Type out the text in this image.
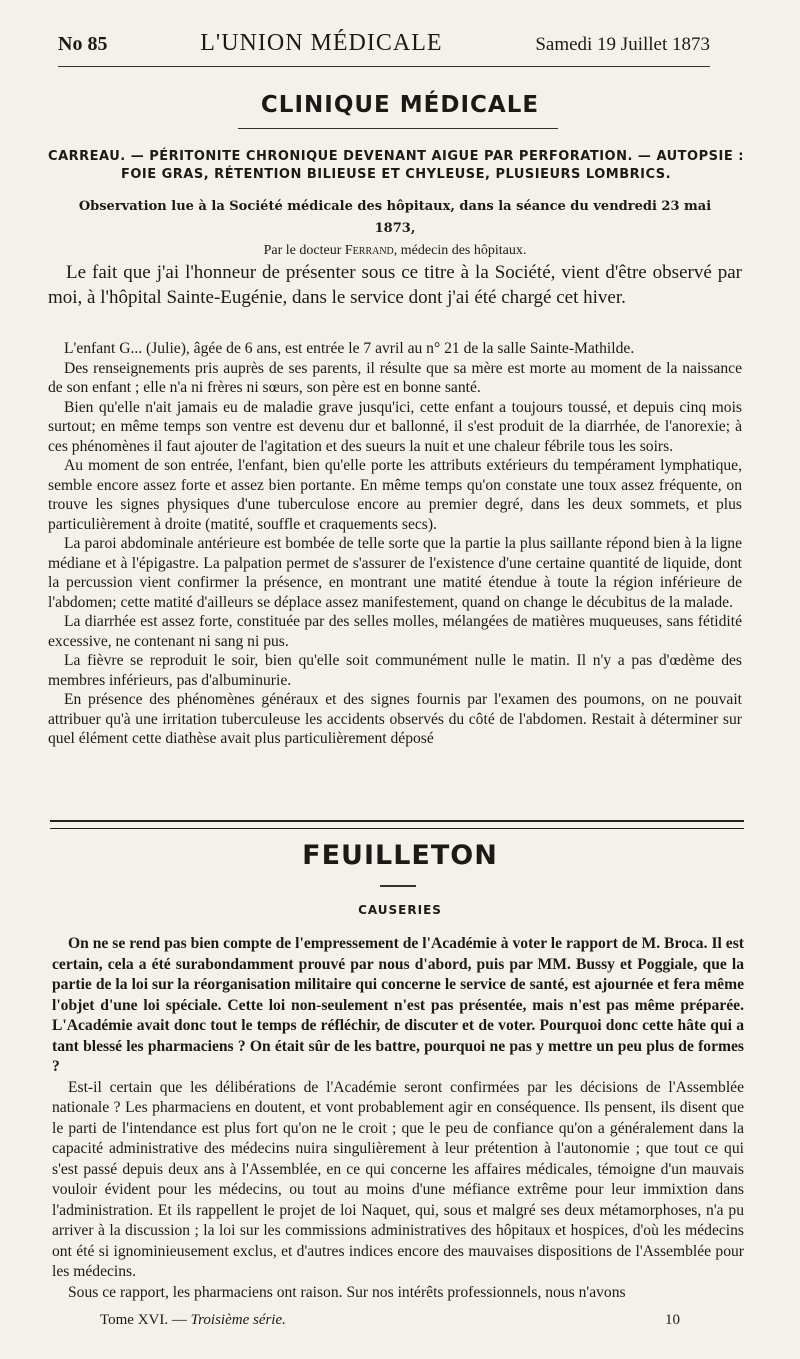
No 85	L'UNION MÉDICALE	Samedi 19 Juillet 1873
CLINIQUE MÉDICALE
CARREAU. — PÉRITONITE CHRONIQUE DEVENANT AIGUE PAR PERFORATION. — AUTOPSIE :
FOIE GRAS, RÉTENTION BILIEUSE ET CHYLEUSE, PLUSIEURS LOMBRICS.
Observation lue à la Société médicale des hôpitaux, dans la séance du vendredi 23 mai 1873,
Par le docteur Ferrand, médecin des hôpitaux.

Le fait que j'ai l'honneur de présenter sous ce titre à la Société, vient d'être observé par moi, à l'hôpital Sainte-Eugénie, dans le service dont j'ai été chargé cet hiver.

L'enfant G... (Julie), âgée de 6 ans, est entrée le 7 avril au n° 21 de la salle Sainte-Mathilde.

Des renseignements pris auprès de ses parents, il résulte que sa mère est morte au moment de la naissance de son enfant ; elle n'a ni frères ni sœurs, son père est en bonne santé.

Bien qu'elle n'ait jamais eu de maladie grave jusqu'ici, cette enfant a toujours toussé, et depuis cinq mois surtout; en même temps son ventre est devenu dur et ballonné, il s'est produit de la diarrhée, de l'anorexie; à ces phénomènes il faut ajouter de l'agitation et des sueurs la nuit et une chaleur fébrile tous les soirs.

Au moment de son entrée, l'enfant, bien qu'elle porte les attributs extérieurs du tempérament lymphatique, semble encore assez forte et assez bien portante. En même temps qu'on constate une toux assez fréquente, on trouve les signes physiques d'une tuberculose encore au premier degré, dans les deux sommets, et plus particulièrement à droite (matité, souffle et craquements secs).

La paroi abdominale antérieure est bombée de telle sorte que la partie la plus saillante répond bien à la ligne médiane et à l'épigastre. La palpation permet de s'assurer de l'existence d'une certaine quantité de liquide, dont la percussion vient confirmer la présence, en montrant une matité étendue à toute la région inférieure de l'abdomen; cette matité d'ailleurs se déplace assez manifestement, quand on change le décubitus de la malade.

La diarrhée est assez forte, constituée par des selles molles, mélangées de matières muqueuses, sans fétidité excessive, ne contenant ni sang ni pus.

La fièvre se reproduit le soir, bien qu'elle soit communément nulle le matin. Il n'y a pas d'œdème des membres inférieurs, pas d'albuminurie.

En présence des phénomènes généraux et des signes fournis par l'examen des poumons, on ne pouvait attribuer qu'à une irritation tuberculeuse les accidents observés du côté de l'abdomen. Restait à déterminer sur quel élément cette diathèse avait plus particulièrement déposé

FEUILLETON
CAUSERIES

On ne se rend pas bien compte de l'empressement de l'Académie à voter le rapport de M. Broca. Il est certain, cela a été surabondamment prouvé par nous d'abord, puis par MM. Bussy et Poggiale, que la partie de la loi sur la réorganisation militaire qui concerne le service de santé, est ajournée et fera même l'objet d'une loi spéciale. Cette loi non-seulement n'est pas présentée, mais n'est pas même préparée. L'Académie avait donc tout le temps de réfléchir, de discuter et de voter. Pourquoi donc cette hâte qui a tant blessé les pharmaciens ? On était sûr de les battre, pourquoi ne pas y mettre un peu plus de formes ?

Est-il certain que les délibérations de l'Académie seront confirmées par les décisions de l'Assemblée nationale ? Les pharmaciens en doutent, et vont probablement agir en conséquence. Ils pensent, ils disent que le parti de l'intendance est plus fort qu'on ne le croit ; que le peu de confiance qu'on a généralement dans la capacité administrative des médecins nuira singulièrement à leur prétention à l'autonomie ; que tout ce qui s'est passé depuis deux ans à l'Assemblée, en ce qui concerne les affaires médicales, témoigne d'un mauvais vouloir évident pour les médecins, ou tout au moins d'une méfiance extrême pour leur immixtion dans l'administration. Et ils rappellent le projet de loi Naquet, qui, sous et malgré ses deux métamorphoses, n'a pu arriver à la discussion ; la loi sur les commissions administratives des hôpitaux et hospices, d'où les médecins ont été si ignominieusement exclus, et d'autres indices encore des mauvaises dispositions de l'Assemblée pour les médecins.

Sous ce rapport, les pharmaciens ont raison. Sur nos intérêts professionnels, nous n'avons

Tome XVI. — Troisième série.	10
